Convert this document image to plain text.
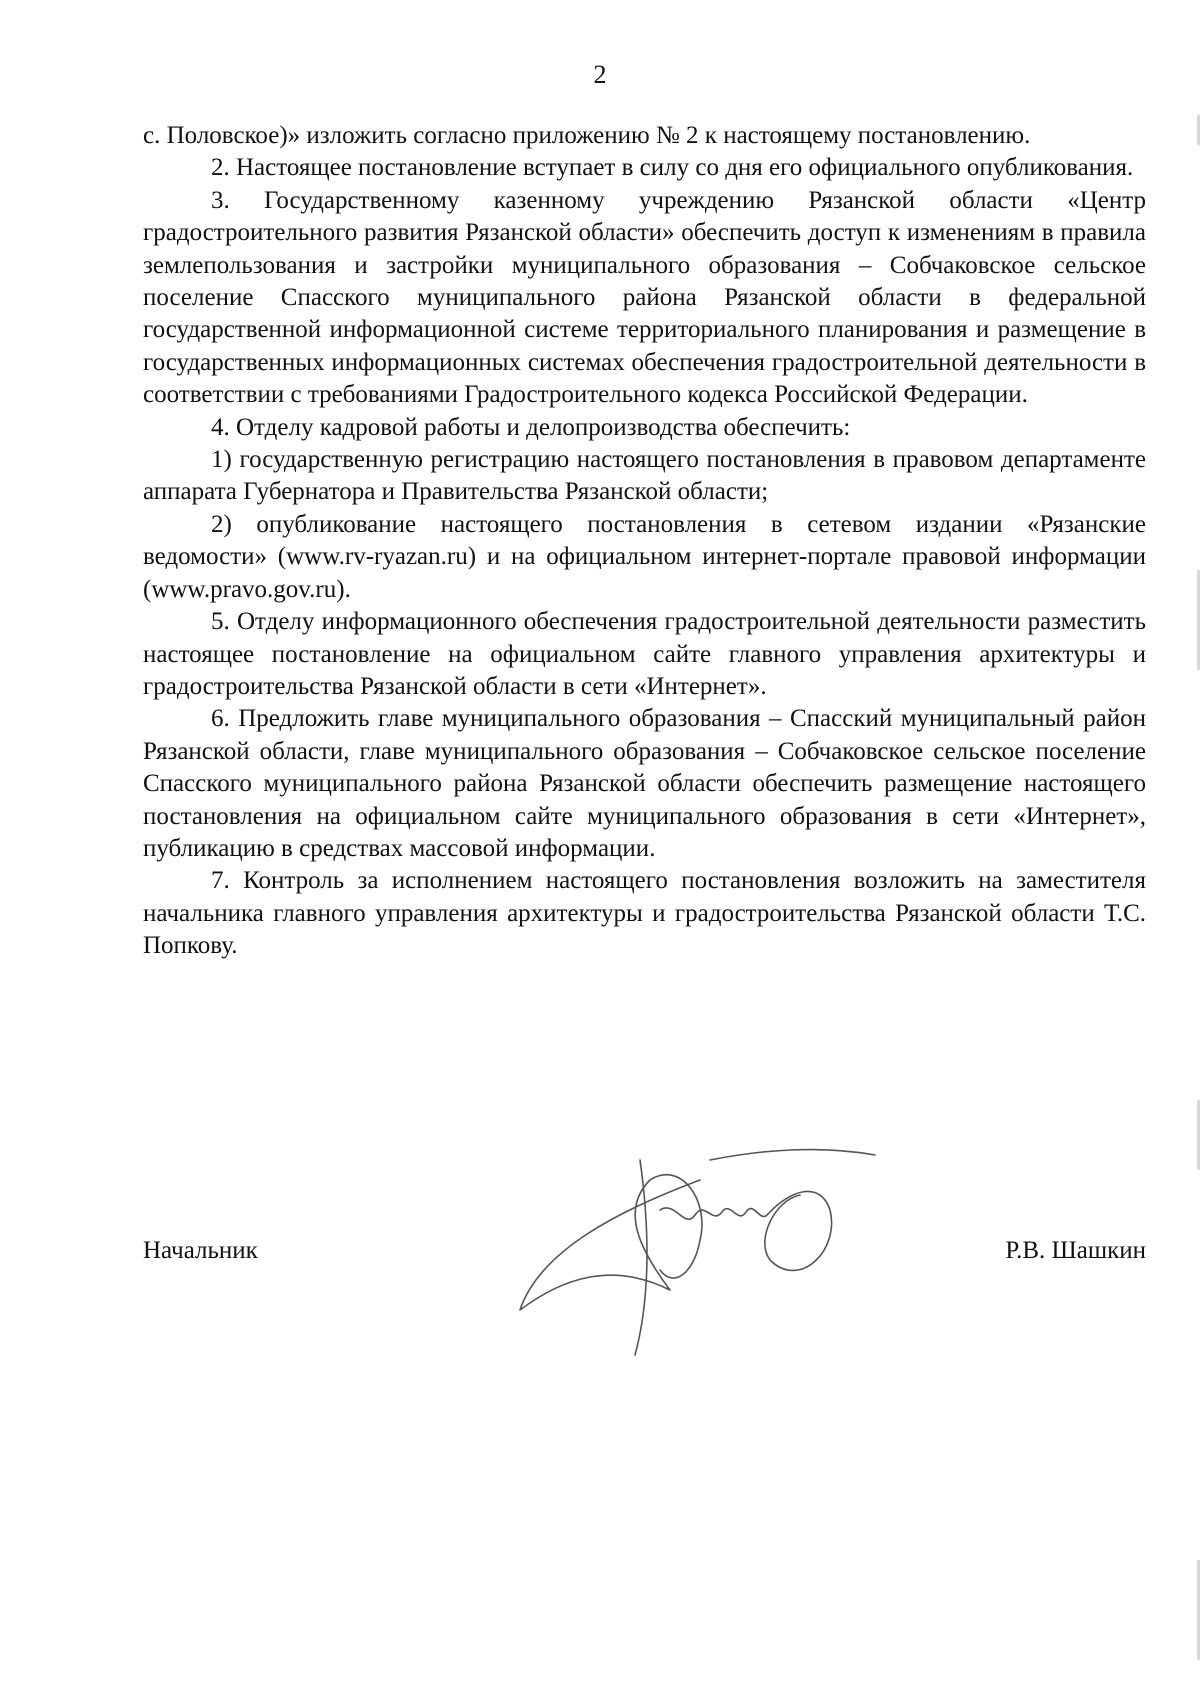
2

с. Половское)» изложить согласно приложению № 2 к настоящему постановлению.

2. Настоящее постановление вступает в силу со дня его официального опубликования.

3. Государственному казенному учреждению Рязанской области «Центр градостроительного развития Рязанской области» обеспечить доступ к изменениям в правила землепользования и застройки муниципального образования – Собчаковское сельское поселение Спасского муниципального района Рязанской области в федеральной государственной информационной системе территориального планирования и размещение в государственных информационных системах обеспечения градостроительной деятельности в соответствии с требованиями Градостроительного кодекса Российской Федерации.

4. Отделу кадровой работы и делопроизводства обеспечить:

1) государственную регистрацию настоящего постановления в правовом департаменте аппарата Губернатора и Правительства Рязанской области;

2) опубликование настоящего постановления в сетевом издании «Рязанские ведомости» (www.rv-ryazan.ru) и на официальном интернет-портале правовой информации (www.pravo.gov.ru).

5. Отделу информационного обеспечения градостроительной деятельности разместить настоящее постановление на официальном сайте главного управления архитектуры и градостроительства Рязанской области в сети «Интернет».

6. Предложить главе муниципального образования – Спасский муниципальный район Рязанской области, главе муниципального образования – Собчаковское сельское поселение Спасского муниципального района Рязанской области обеспечить размещение настоящего постановления на официальном сайте муниципального образования в сети «Интернет», публикацию в средствах массовой информации.

7. Контроль за исполнением настоящего постановления возложить на заместителя начальника главного управления архитектуры и градостроительства Рязанской области Т.С. Попкову.

Начальник	Р.В. Шашкин
